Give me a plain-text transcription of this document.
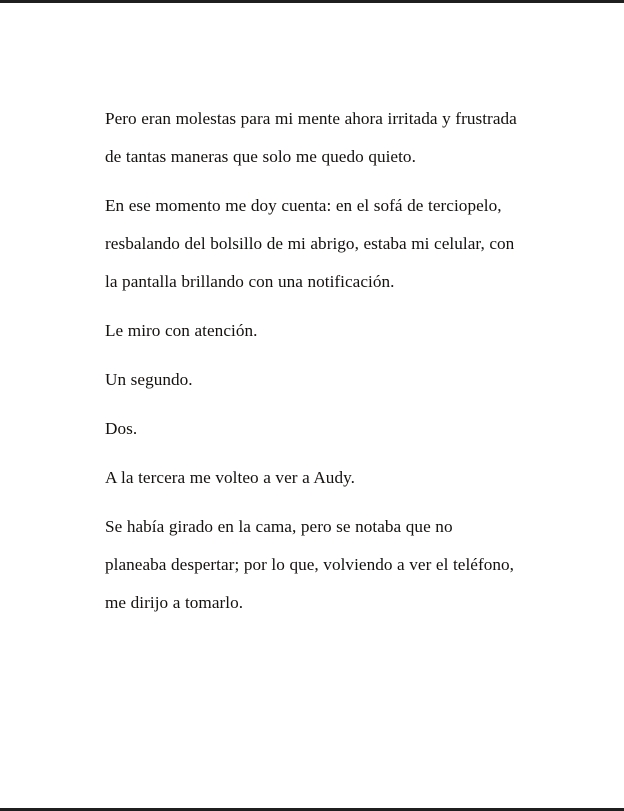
Pero eran molestas para mi mente ahora irritada y frustrada de tantas maneras que solo me quedo quieto.

En ese momento me doy cuenta: en el sofá de terciopelo, resbalando del bolsillo de mi abrigo, estaba mi celular, con la pantalla brillando con una notificación.

Le miro con atención.

Un segundo.

Dos.

A la tercera me volteo a ver a Audy.

Se había girado en la cama, pero se notaba que no planeaba despertar; por lo que, volviendo a ver el teléfono, me dirijo a tomarlo.
